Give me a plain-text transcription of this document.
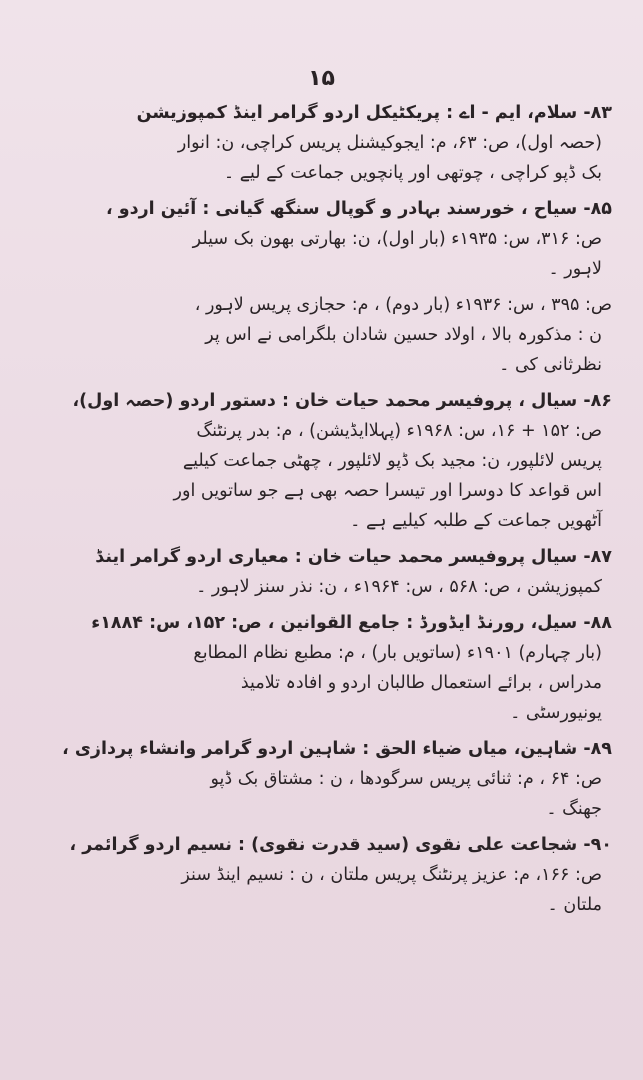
۱۵
۸۳- سلام، ایم - اے : پریکٹیکل اردو گرامر اینڈ کمپوزیشن
(حصہ اول)، ص: ۶۳، م: ایجوکیشنل پریس کراچی، ن: انوار
بک ڈپو کراچی ، چوتھی اور پانچویں جماعت کے لیے ۔
۸۵- سیاح ، خورسند بہادر و گوپال سنگھ گیانی : آئین اردو ،
ص: ۳۱۶، س: ۱۹۳۵ء (بار اول)، ن: بھارتی بھون بک سیلر
لاہور ۔
ص: ۳۹۵ ، س: ۱۹۳۶ء (بار دوم) ، م: حجازی پریس لاہور ،
ن : مذکورہ بالا ، اولاد حسین شادان بلگرامی نے اس پر
نظرثانی کی ۔
۸۶- سیال ، پروفیسر محمد حیات خان : دستور اردو (حصہ اول)،
ص: ۱۵۲ + ۱۶، س: ۱۹۶۸ء (پہلاایڈیشن) ، م: بدر پرنٹنگ
پریس لائلپور، ن: مجید بک ڈپو لائلپور ، چھٹی جماعت کیلیے
اس قواعد کا دوسرا اور تیسرا حصہ بھی ہے جو ساتویں اور
آٹھویں جماعت کے طلبہ کیلیے ہے ۔
۸۷- سیال پروفیسر محمد حیات خان : معیاری اردو گرامر اینڈ
کمپوزیشن ، ص: ۵۶۸ ، س: ۱۹۶۴ء ، ن: نذر سنز لاہور ۔
۸۸- سیل، رورنڈ ایڈورڈ : جامع القوانین ، ص: ۱۵۲، س: ۱۸۸۴ء
(بار چہارم) ۱۹۰۱ء (ساتویں بار) ، م: مطبع نظام المطابع
مدراس ، برائے استعمال طالبان اردو و افادہ تلامیذ
یونیورسٹی ۔
۸۹- شاہین، میاں ضیاء الحق : شاہین اردو گرامر وانشاء پردازی ،
ص: ۶۴ ، م: ثنائی پریس سرگودھا ، ن : مشتاق بک ڈپو
جھنگ ۔
۹۰- شجاعت علی نقوی (سید قدرت نقوی) : نسیم اردو گرائمر ،
ص: ۱۶۶، م: عزیز پرنٹنگ پریس ملتان ، ن : نسیم اینڈ سنز
ملتان ۔
